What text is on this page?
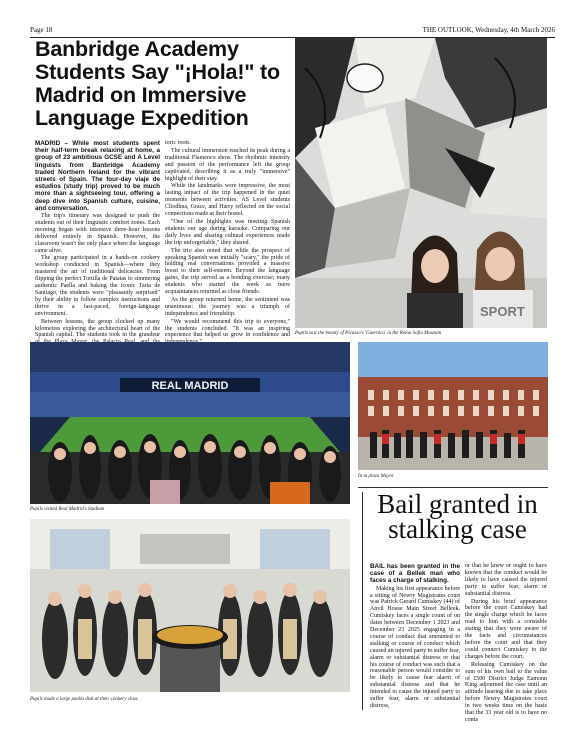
Page 18	THE OUTLOOK, Wednesday, 4th March 2026
Banbridge Academy Students Say "¡Hola!" to Madrid on Immersive Language Expedition

MADRID – While most students spent their half-term break relaxing at home, a group of 23 ambitious GCSE and A Level linguists from Banbridge Academy traded Northern Ireland for the vibrant streets of Spain. The four-day viaje de estudios (study trip) proved to be much more than a sightseeing tour, offering a deep dive into Spanish culture, cuisine, and conversation.

The trip's itinerary was designed to push the students out of their linguistic comfort zones. Each morning began with intensive three-hour lessons delivered entirely in Spanish. However, the classroom wasn't the only place where the language came alive.

The group participated in a hands-on cookery workshop conducted in Spanish—where they mastered the art of traditional delicacies. From flipping the perfect Tortilla de Patatas to simmering authentic Paella and baking the iconic Tarta de Santiago, the students were "pleasantly surprised" by their ability to follow complex instructions and thrive in a fast-paced, foreign-language environment.

Between lessons, the group clocked up many kilometres exploring the architectural heart of the Spanish capital. The students took in the grandeur

toric roots.

The cultural immersion reached its peak during a traditional Flamenco show. The rhythmic intensity and passion of the performance left the group captivated, describing it as a truly "immersive" highlight of their stay.

While the landmarks were impressive, the most lasting impact of the trip happened in the quiet moments between activities. AS Level students Cliodhna, Grace, and Harry reflected on the social connections made at their hostel.

"One of the highlights was meeting Spanish students our age during karaoke. Comparing our daily lives and sharing cultural experiences made the trip unforgettable," they shared.

The trio also noted that while the prospect of speaking Spanish was initially "scary," the pride of holding real conversations provided a massive boost to their self-esteem. Beyond the language gains, the trip served as a bonding exercise; many students who started the week as mere acquaintances returned as close friends.

As the group returned home, the sentiment was unanimous: the journey was a triumph of independence and friendship.

"We would recommend this trip to everyone," the students concluded. "It was an inspiring experience that helped us grow in confidence and

SPORT
Pupils saw the beauty of Picasso's 'Guernica' in the Reina Sofia Museum
REAL MADRID
Pupils visited Real Madrid's Stadium
In la plaza Mayor
Pupils made a large paella dish at their cookery class
Bail granted in stalking case

BAIL has been granted in the case of a Bellek man who faces a charge of stalking.

Making his first appearance before a sitting of Newry Magistrates court was Patrick Gerard Cumiskey (44) of Anvil House Main Street Belleek. Cumiskey faces a single count of on dates between December 1 2023 and December 23 2025 engaging in a course of conduct that amounted to stalking or course of conduct which caused an injured party to suffer fear, alarm or substantial distress or that his course of conduct was such that a reasonable person would consider to be likely to cause fear alarm of substantial distress and that he intended to cause the injured party to suffer fear, alarm or substantial distress,

or that he knew or ought to have known that the conduct would be likely to have caused the injured party to suffer fear, alarm or substantial distress.

During his brief appearance before the court Cumiskey had the single charge which he faces read to him with a constable stating that they were aware of the facts and circumstances before the court and that they could connect Cumiskey to the charges before the court.

Releasing Cumiskey on the sum of his own bail to the value of £500 District Judge Eamonn King adjourned the case until an attitude hearing due to take place before Newry Magistrates court in two weeks time on the basis that the 33 year old is to have no conta
